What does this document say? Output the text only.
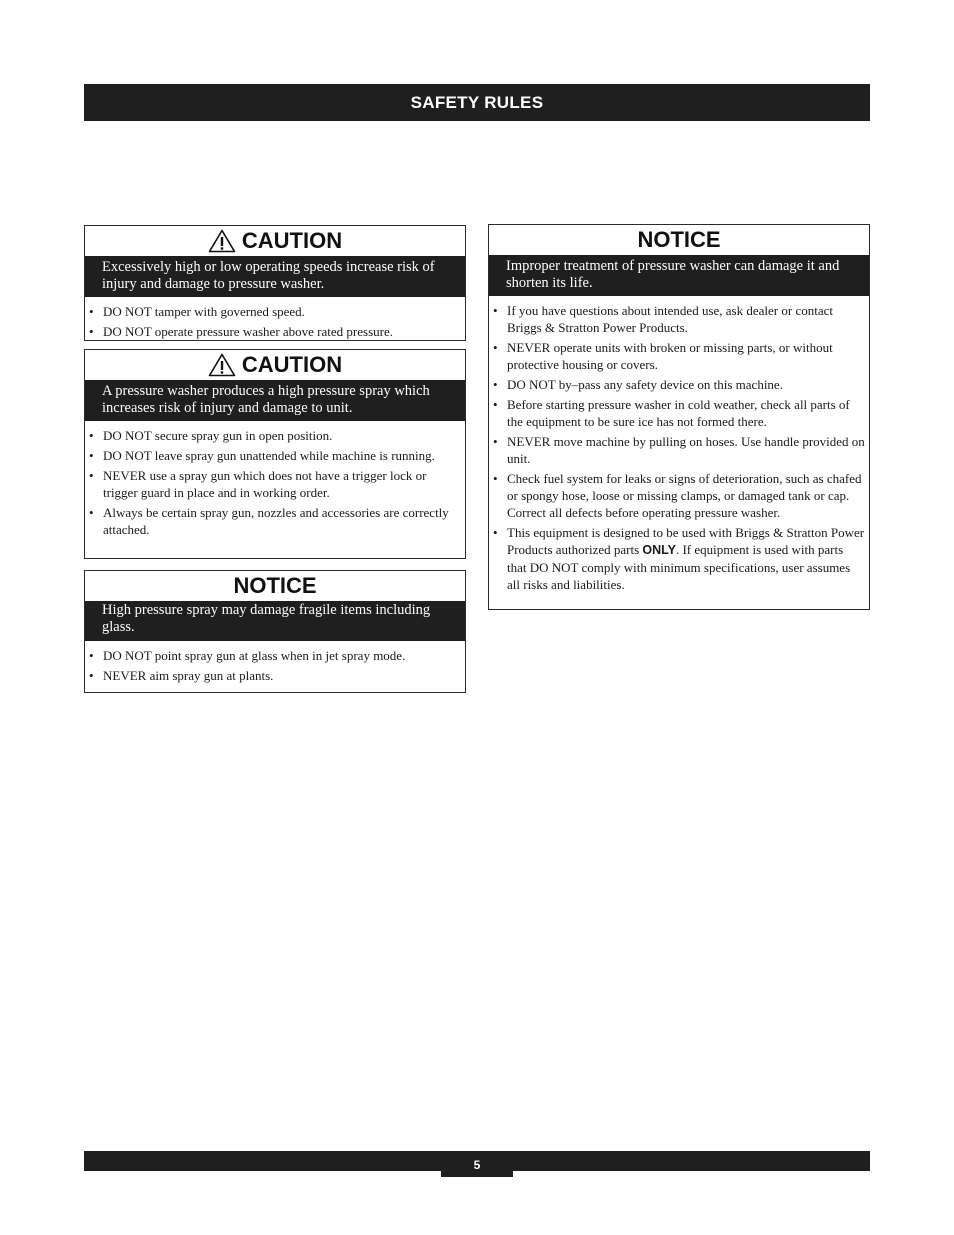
SAFETY RULES
CAUTION
Excessively high or low operating speeds increase risk of injury and damage to pressure washer.
• DO NOT tamper with governed speed.
• DO NOT operate pressure washer above rated pressure.
CAUTION
A pressure washer produces a high pressure spray which increases risk of injury and damage to unit.
• DO NOT secure spray gun in open position.
• DO NOT leave spray gun unattended while machine is running.
• NEVER use a spray gun which does not have a trigger lock or trigger guard in place and in working order.
• Always be certain spray gun, nozzles and accessories are correctly attached.
NOTICE
High pressure spray may damage fragile items including glass.
• DO NOT point spray gun at glass when in jet spray mode.
• NEVER aim spray gun at plants.
NOTICE
Improper treatment of pressure washer can damage it and shorten its life.
• If you have questions about intended use, ask dealer or contact Briggs & Stratton Power Products.
• NEVER operate units with broken or missing parts, or without protective housing or covers.
• DO NOT by–pass any safety device on this machine.
• Before starting pressure washer in cold weather, check all parts of the equipment to be sure ice has not formed there.
• NEVER move machine by pulling on hoses. Use handle provided on unit.
• Check fuel system for leaks or signs of deterioration, such as chafed or spongy hose, loose or missing clamps, or damaged tank or cap. Correct all defects before operating pressure washer.
• This equipment is designed to be used with Briggs & Stratton Power Products authorized parts ONLY. If equipment is used with parts that DO NOT comply with minimum specifications, user assumes all risks and liabilities.
5
